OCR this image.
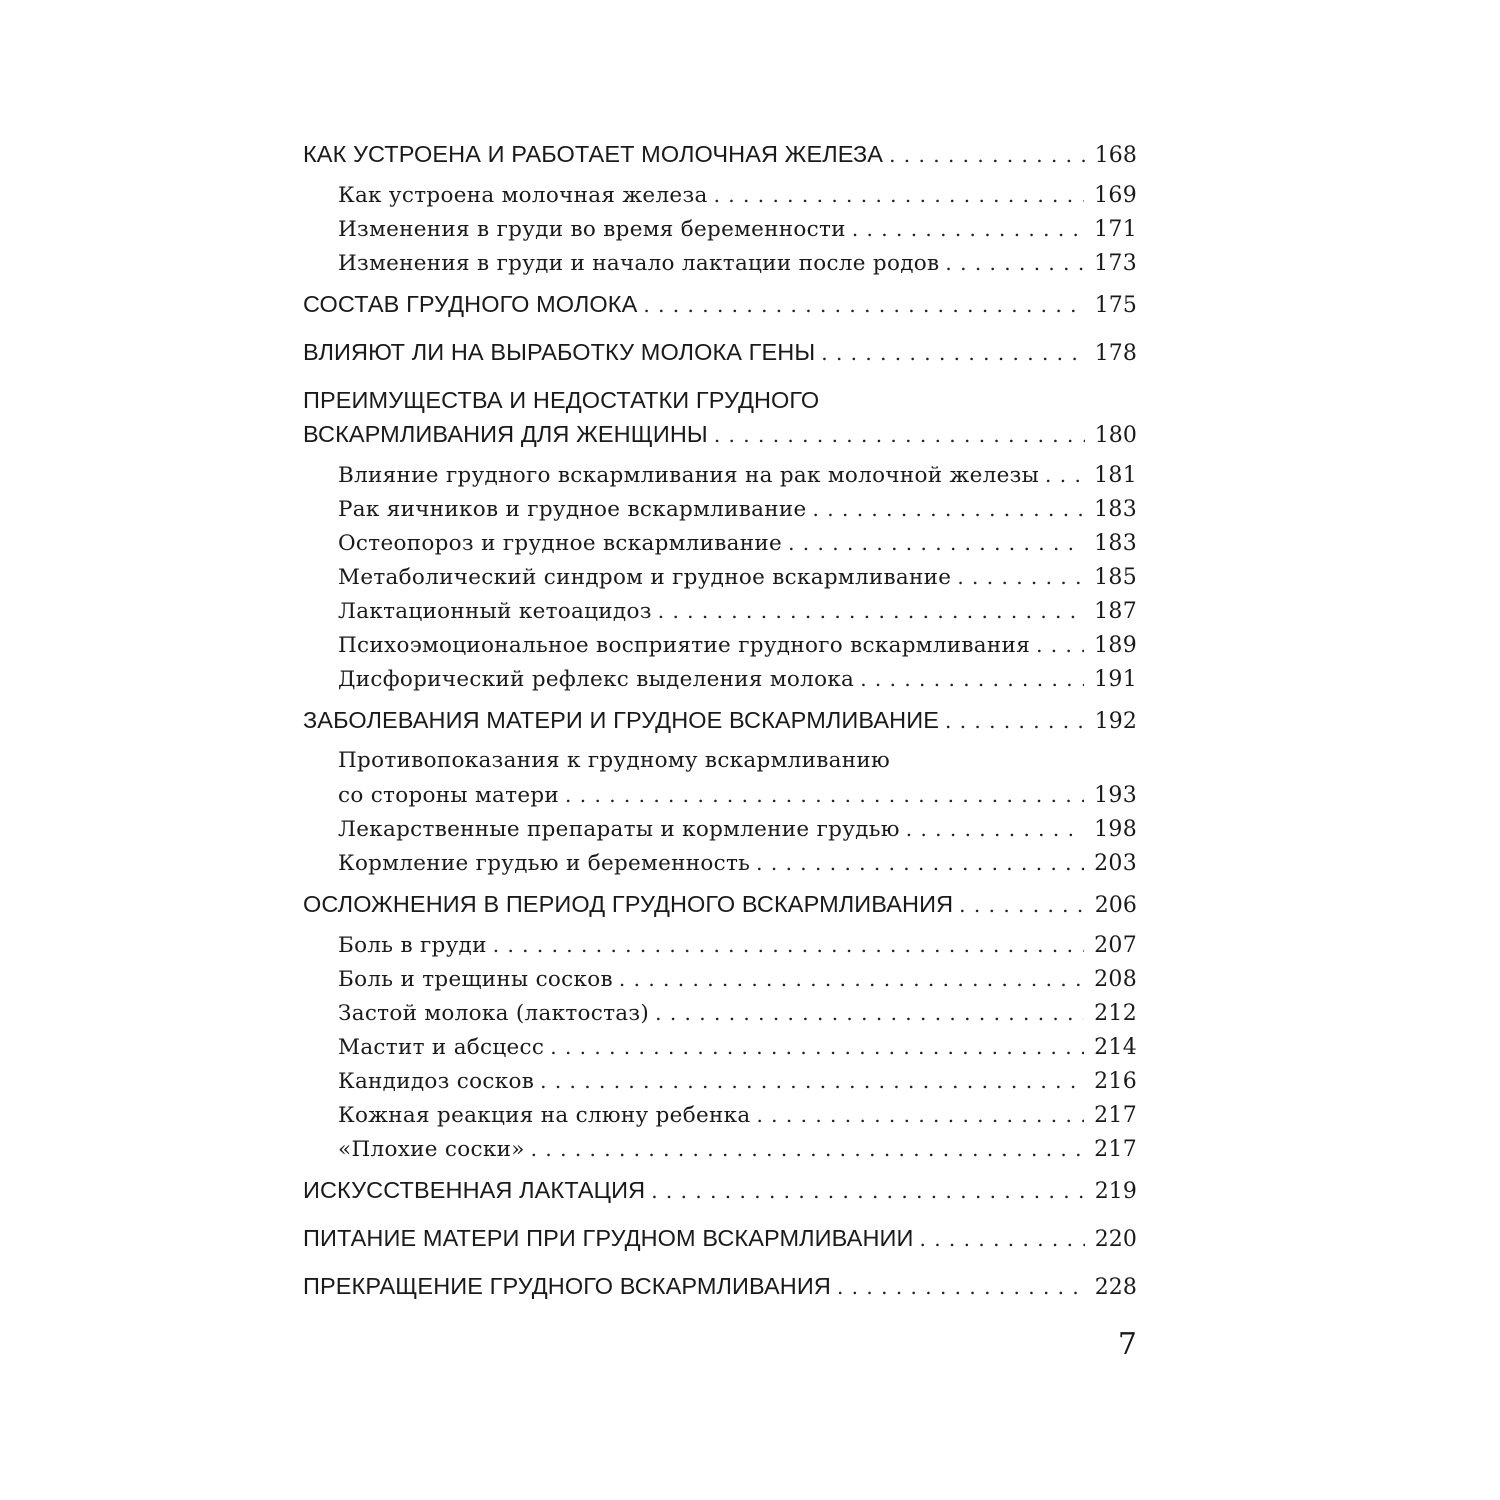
КАК УСТРОЕНА И РАБОТАЕТ МОЛОЧНАЯ ЖЕЛЕЗА . . .	168
Как устроена молочная железа . . .	169
Изменения в груди во время беременности . . .	171
Изменения в груди и начало лактации после родов . . .	173
СОСТАВ ГРУДНОГО МОЛОКА . . .	175
ВЛИЯЮТ ЛИ НА ВЫРАБОТКУ МОЛОКА ГЕНЫ . . .	178
ПРЕИМУЩЕСТВА И НЕДОСТАТКИ ГРУДНОГО
ВСКАРМЛИВАНИЯ ДЛЯ ЖЕНЩИНЫ . . .	180
Влияние грудного вскармливания на рак молочной железы . . .	181
Рак яичников и грудное вскармливание . . .	183
Остеопороз и грудное вскармливание . . .	183
Метаболический синдром и грудное вскармливание . . .	185
Лактационный кетоацидоз . . .	187
Психоэмоциональное восприятие грудного вскармливания . . .	189
Дисфорический рефлекс выделения молока . . .	191
ЗАБОЛЕВАНИЯ МАТЕРИ И ГРУДНОЕ ВСКАРМЛИВАНИЕ . . .	192
Противопоказания к грудному вскармливанию
со стороны матери . . .	193
Лекарственные препараты и кормление грудью . . .	198
Кормление грудью и беременность . . .	203
ОСЛОЖНЕНИЯ В ПЕРИОД ГРУДНОГО ВСКАРМЛИВАНИЯ . . .	206
Боль в груди . . .	207
Боль и трещины сосков . . .	208
Застой молока (лактостаз) . . .	212
Мастит и абсцесс . . .	214
Кандидоз сосков . . .	216
Кожная реакция на слюну ребенка . . .	217
«Плохие соски» . . .	217
ИСКУССТВЕННАЯ ЛАКТАЦИЯ . . .	219
ПИТАНИЕ МАТЕРИ ПРИ ГРУДНОМ ВСКАРМЛИВАНИИ . . .	220
ПРЕКРАЩЕНИЕ ГРУДНОГО ВСКАРМЛИВАНИЯ . . .	228
7
